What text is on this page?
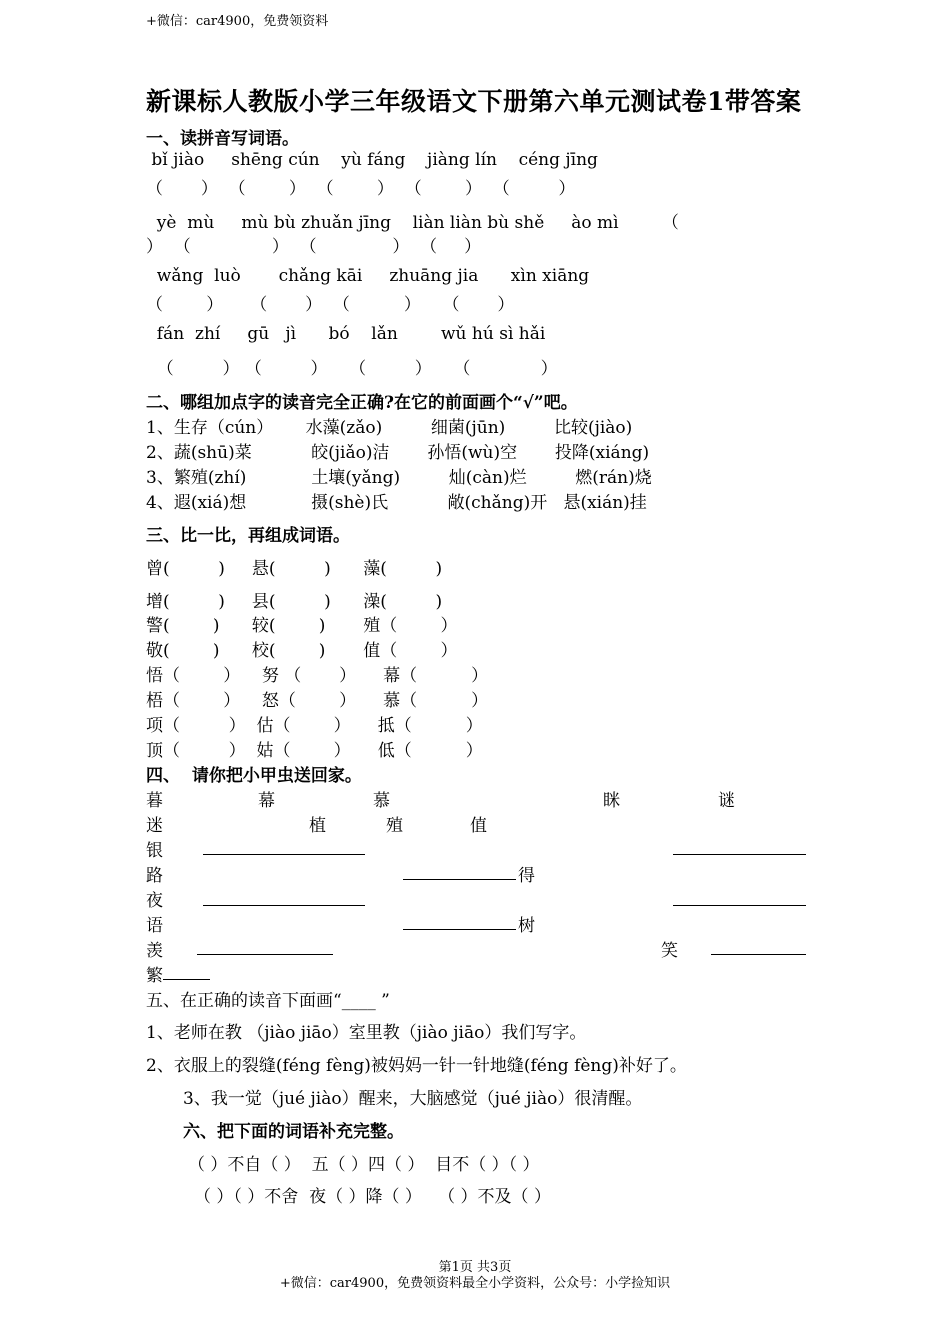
+微信：car4900，免费领资料
新课标人教版小学三年级语文下册第六单元测试卷1带答案
一、读拼音写词语。
bǐ jiào     shēng cún    yù fáng    jiàng lín    céng jīng
（       ）  （        ）  （        ）  （        ）  （         ）
yè  mù     mù bù zhuǎn jīng    liàn liàn bù shě     ào mì        （
）  （               ）  （              ）  （     ）
wǎng  luò       chǎng kāi     zhuāng jia      xìn xiāng
（        ）     （       ）  （          ）    （       ）
fán  zhí     gū   jì      bó    lǎn        wǔ hú sì hǎi
（         ） （         ）    （         ）    （             ）
二、哪组加点字的读音完全正确?在它的前面画个“√”吧。
1、生存（cún）      水藻(zǎo)         细菌(jūn)         比较(jiào)
2、蔬(shū)菜           皎(jiǎo)洁       孙悟(wù)空       投降(xiáng)
3、繁殖(zhí)            土壤(yǎng)         灿(càn)烂         燃(rán)烧
4、遐(xiá)想            摄(shè)氏           敞(chǎng)开   悬(xián)挂
三、比一比，再组成词语。
曾(         )     悬(         )      藻(         )
增(         )     县(         )      澡(         )
警(        )      较(        )       殖（        ）
敬(        )      校(        )       值（        ）
悟（        ）    努 （       ）     幕（          ）
梧（        ）    怒（        ）     慕（          ）
项（         ）  估（        ）     抵（          ）
顶（         ）  姑（        ）     低（          ）
四、  请你把小甲虫送回家。
暮	幕	慕	眯	谜
迷	植	殖	值
银
路	得
夜
语	树
羡	笑
繁
五、在正确的读音下面画“____ ”
1、老师在教 （jiào jiāo）室里教（jiào jiāo）我们写字。
2、衣服上的裂缝(féng fèng)被妈妈一针一针地缝(féng fèng)补好了。
3、我一觉（jué jiào）醒来，大脑感觉（jué jiào）很清醒。
六、把下面的词语补充完整。
（ ）不自（ ）  五（ ）四（ ）  目不（ ）（ ）
（ ）（ ）不舍  夜（ ）降（ ）   （ ）不及（ ）
第1页 共3页
+微信：car4900，免费领资料最全小学资料，公众号：小学捡知识
